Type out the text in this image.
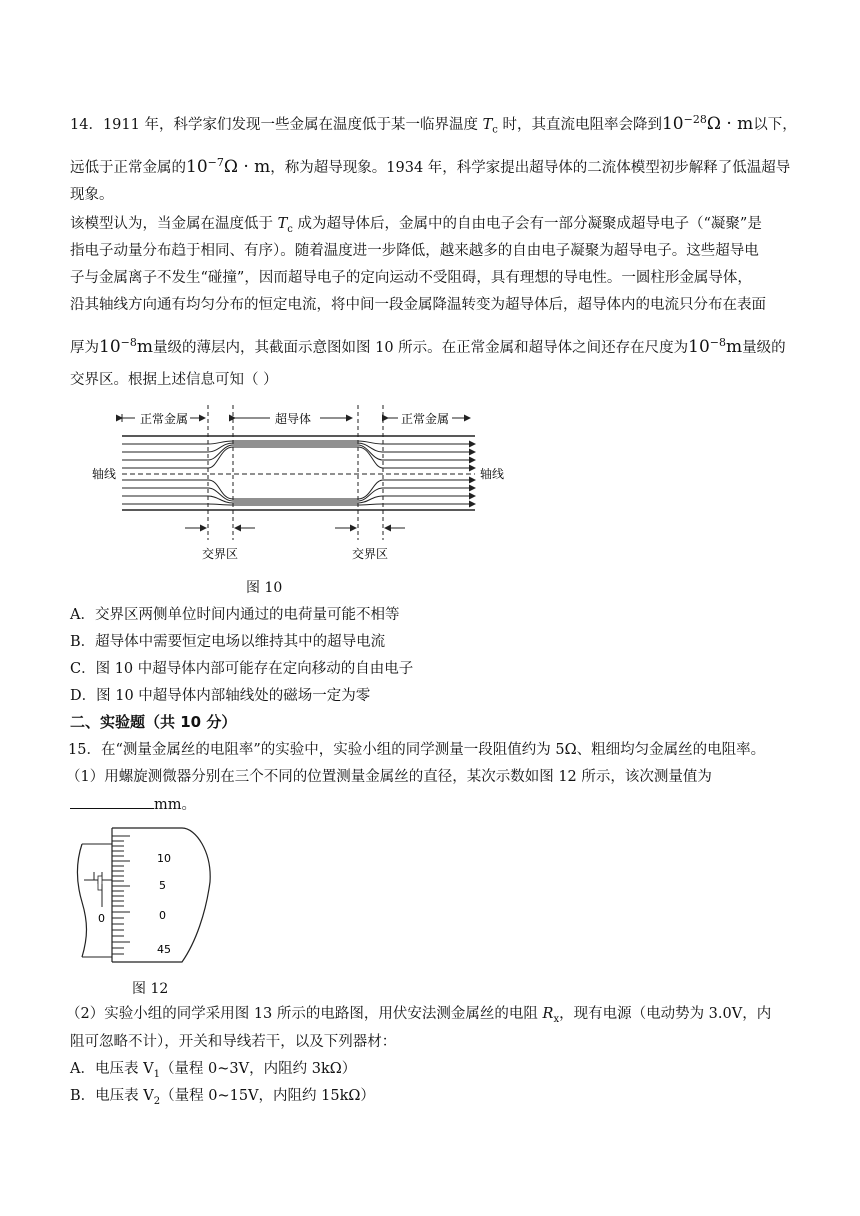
14．1911 年，科学家们发现一些金属在温度低于某一临界温度 $T_c$ 时，其直流电阻率会降到$10^{-28}\Omega \cdot m$以下，
远低于正常金属的$10^{-7}\Omega \cdot m$，称为超导现象。1934 年，科学家提出超导体的二流体模型初步解释了低温超导
现象。
该模型认为，当金属在温度低于 $T_c$ 成为超导体后，金属中的自由电子会有一部分凝聚成超导电子（“凝聚”是
指电子动量分布趋于相同、有序）。随着温度进一步降低，越来越多的自由电子凝聚为超导电子。这些超导电
子与金属离子不发生“碰撞”，因而超导电子的定向运动不受阻碍，具有理想的导电性。一圆柱形金属导体，
沿其轴线方向通有均匀分布的恒定电流，将中间一段金属降温转变为超导体后，超导体内的电流只分布在表面
厚为$10^{-8}m$量级的薄层内，其截面示意图如图 10 所示。在正常金属和超导体之间还存在尺度为$10^{-8}m$量级的
交界区。根据上述信息可知（ ）
正常金属	超导体	正常金属
轴线	轴线
交界区	交界区
图 10
A．交界区两侧单位时间内通过的电荷量可能不相等
B．超导体中需要恒定电场以维持其中的超导电流
C．图 10 中超导体内部可能存在定向移动的自由电子
D．图 10 中超导体内部轴线处的磁场一定为零
二、实验题（共 10 分）
15．在“测量金属丝的电阻率”的实验中，实验小组的同学测量一段阻值约为 5Ω、粗细均匀金属丝的电阻率。
（1）用螺旋测微器分别在三个不同的位置测量金属丝的直径，某次示数如图 12 所示，该次测量值为
mm。
0
10
5
0
45
图 12
（2）实验小组的同学采用图 13 所示的电路图，用伏安法测金属丝的电阻 $R_x$，现有电源（电动势为 3.0V，内
阻可忽略不计），开关和导线若干，以及下列器材：
A．电压表 $V_1$（量程 0~3V，内阻约 3kΩ）
B．电压表 $V_2$（量程 0~15V，内阻约 15kΩ）
